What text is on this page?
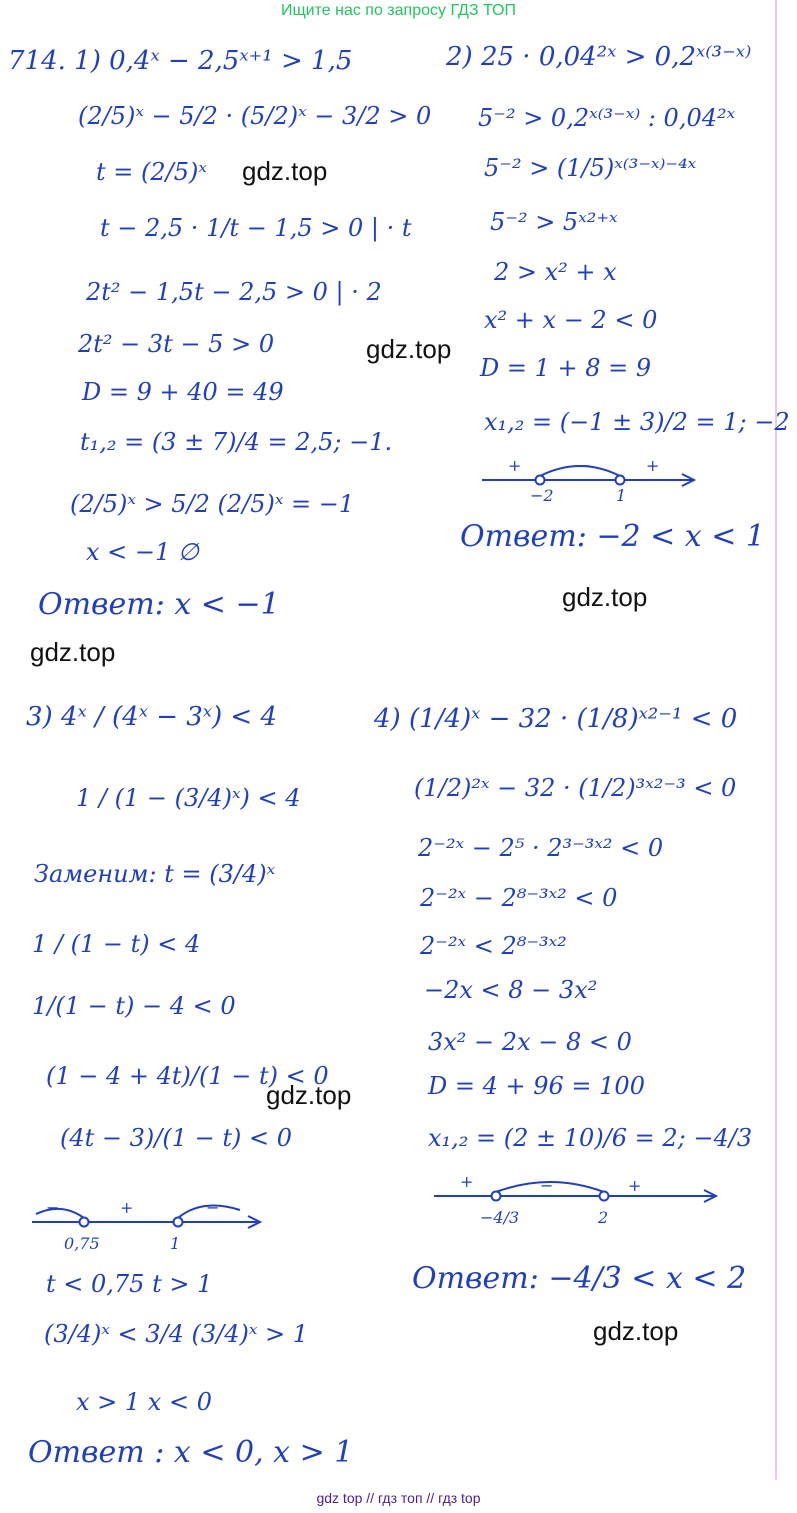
Ищите нас по запросу ГДЗ ТОП
gdz.top
gdz.top
gdz.top
gdz.top
gdz.top
gdz.top
714. 1) 0,4ˣ − 2,5ˣ⁺¹ > 1,5
(2/5)ˣ − 5/2 · (5/2)ˣ − 3/2 > 0
t = (2/5)ˣ
t − 2,5 · 1/t − 1,5 > 0 | · t
2t² − 1,5t − 2,5 > 0 | · 2
2t² − 3t − 5 > 0
D = 9 + 40 = 49
t₁,₂ = (3 ± 7)/4 = 2,5; −1.
(2/5)ˣ > 5/2 (2/5)ˣ = −1
x < −1 ∅
Ответ: x < −1
2) 25 · 0,04²ˣ > 0,2ˣ⁽³⁻ˣ⁾
5⁻² > 0,2ˣ⁽³⁻ˣ⁾ : 0,04²ˣ
5⁻² > (1/5)ˣ⁽³⁻ˣ⁾⁻⁴ˣ
5⁻² > 5ˣ²⁺ˣ
2 > x² + x
x² + x − 2 < 0
D = 1 + 8 = 9
x₁,₂ = (−1 ± 3)/2 = 1; −2
+	−	+
−2	1
Ответ: −2 < x < 1
3) 4ˣ / (4ˣ − 3ˣ) < 4
1 / (1 − (3/4)ˣ) < 4
Заменим: t = (3/4)ˣ
1 / (1 − t) < 4
1/(1 − t) − 4 < 0
(1 − 4 + 4t)/(1 − t) < 0
(4t − 3)/(1 − t) < 0
−	+	−
0,75	1
t < 0,75 t > 1
(3/4)ˣ < 3/4 (3/4)ˣ > 1
x > 1 x < 0
Ответ : x < 0, x > 1
4) (1/4)ˣ − 32 · (1/8)ˣ²⁻¹ < 0
(1/2)²ˣ − 32 · (1/2)³ˣ²⁻³ < 0
2⁻²ˣ − 2⁵ · 2³⁻³ˣ² < 0
2⁻²ˣ − 2⁸⁻³ˣ² < 0
2⁻²ˣ < 2⁸⁻³ˣ²
−2x < 8 − 3x²
3x² − 2x − 8 < 0
D = 4 + 96 = 100
x₁,₂ = (2 ± 10)/6 = 2; −4/3
+	−	+
−4/3	2
Ответ: −4/3 < x < 2
gdz top // гдз топ // гдз top
